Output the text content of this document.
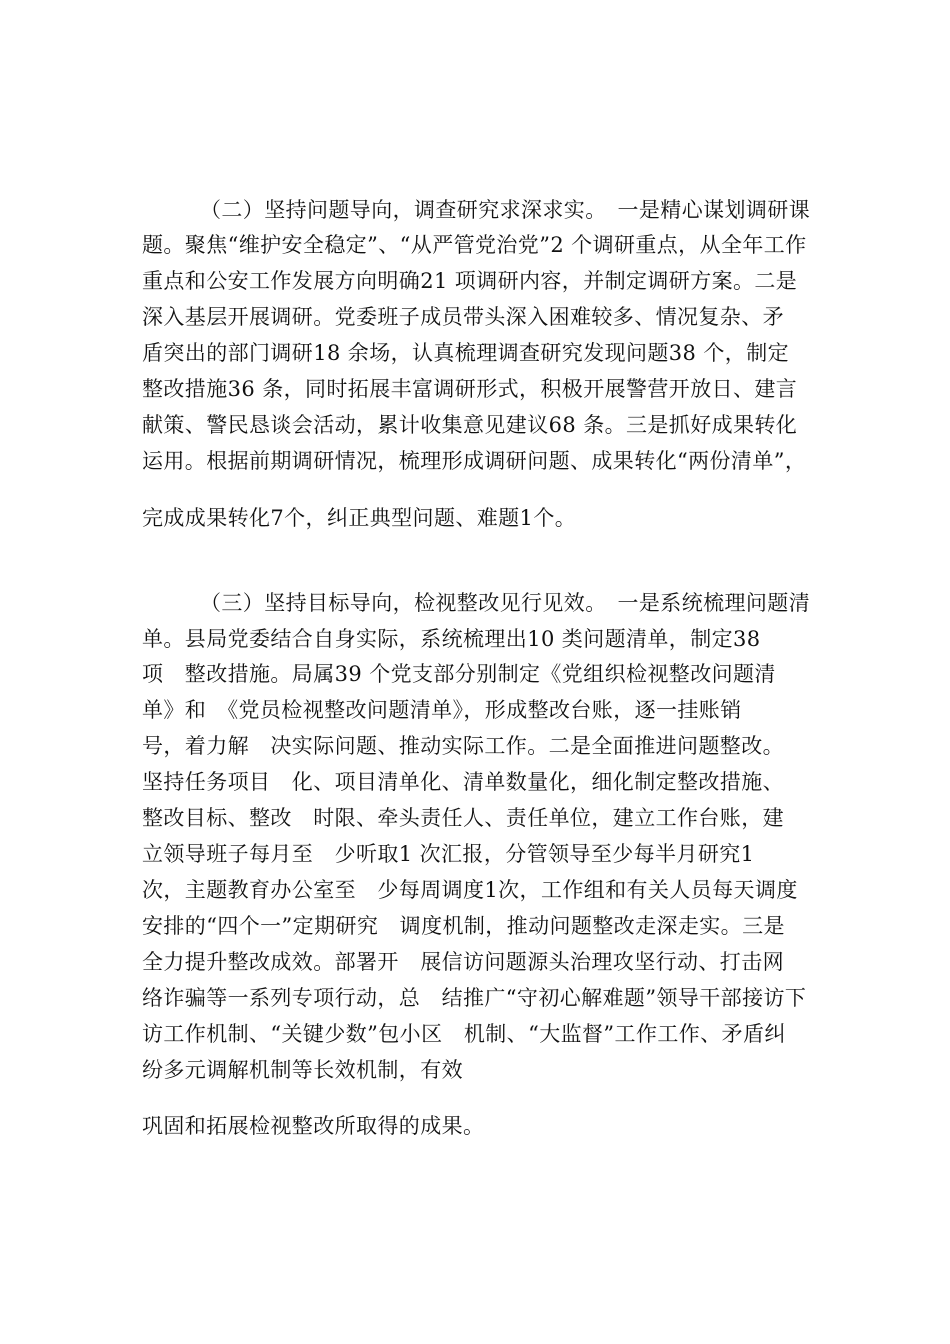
（二）坚持问题导向，调查研究求深求实。　一是精心谋划调研课
题。聚焦“维护安全稳定”、“从严管党治党”2 个调研重点，从全年工作
重点和公安工作发展方向明确21 项调研内容，并制定调研方案。二是
深入基层开展调研。党委班子成员带头深入困难较多、情况复杂、矛
盾突出的部门调研18 余场，认真梳理调查研究发现问题38 个，制定
整改措施36 条，同时拓展丰富调研形式，积极开展警营开放日、建言
献策、警民恳谈会活动，累计收集意见建议68 条。三是抓好成果转化
运用。根据前期调研情况，梳理形成调研问题、成果转化“两份清单”，
完成成果转化7个，纠正典型问题、难题1个。
（三）坚持目标导向，检视整改见行见效。　一是系统梳理问题清
单。县局党委结合自身实际，系统梳理出10 类问题清单，制定38
项　整改措施。局属39 个党支部分别制定《党组织检视整改问题清
单》和　《党员检视整改问题清单》，形成整改台账，逐一挂账销
号，着力解　决实际问题、推动实际工作。二是全面推进问题整改。
坚持任务项目　化、项目清单化、清单数量化，细化制定整改措施、
整改目标、整改　时限、牵头责任人、责任单位，建立工作台账，建
立领导班子每月至　少听取1 次汇报，分管领导至少每半月研究1
次，主题教育办公室至　少每周调度1次，工作组和有关人员每天调度
安排的“四个一”定期研究　调度机制，推动问题整改走深走实。三是
全力提升整改成效。部署开　展信访问题源头治理攻坚行动、打击网
络诈骗等一系列专项行动，总　结推广“守初心解难题”领导干部接访下
访工作机制、“关键少数”包小区　机制、“大监督”工作工作、矛盾纠
纷多元调解机制等长效机制，有效
巩固和拓展检视整改所取得的成果。
